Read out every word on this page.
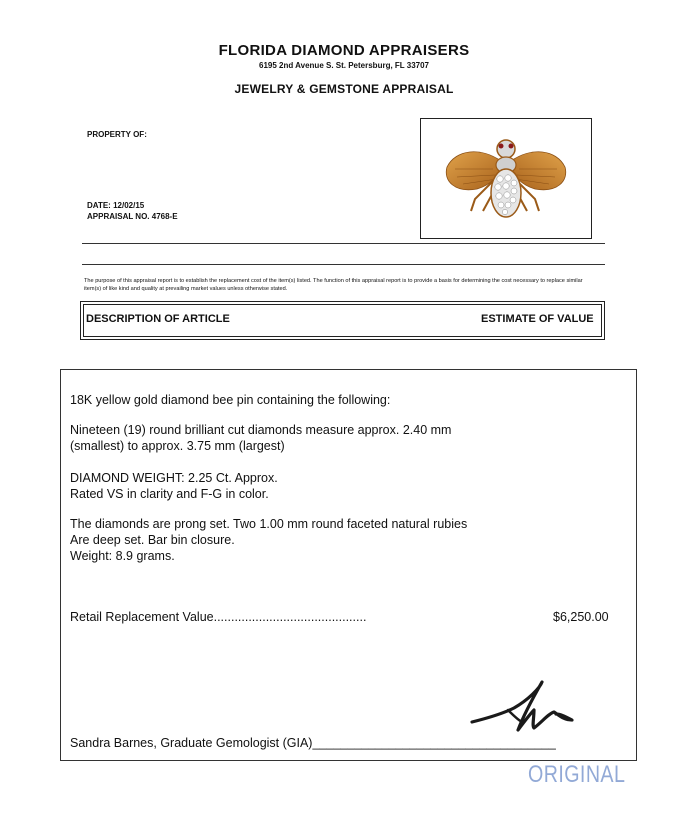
FLORIDA DIAMOND APPRAISERS
6195 2nd Avenue S. St. Petersburg, FL 33707
JEWELRY & GEMSTONE APPRAISAL
PROPERTY OF:
DATE: 12/02/15
APPRAISAL NO. 4768-E
The purpose of this appraisal report is to establish the replacement cost of the item(s) listed. The function of this appraisal report is to provide a basis for determining the cost necessary to replace similar item(s) of like kind and quality at prevailing market values unless otherwise stated.
DESCRIPTION OF ARTICLE	ESTIMATE OF VALUE
18K yellow gold diamond bee pin containing the following:
Nineteen (19) round brilliant cut diamonds measure approx. 2.40 mm
(smallest) to approx. 3.75 mm (largest)
DIAMOND WEIGHT: 2.25 Ct. Approx.
Rated VS in clarity and F-G in color.
The diamonds are prong set. Two 1.00 mm round faceted natural rubies
Are deep set. Bar bin closure.
Weight: 8.9 grams.
Retail Replacement Value............................................	$6,250.00
Sandra Barnes, Graduate Gemologist (GIA)___________________________________
ORIGINAL
